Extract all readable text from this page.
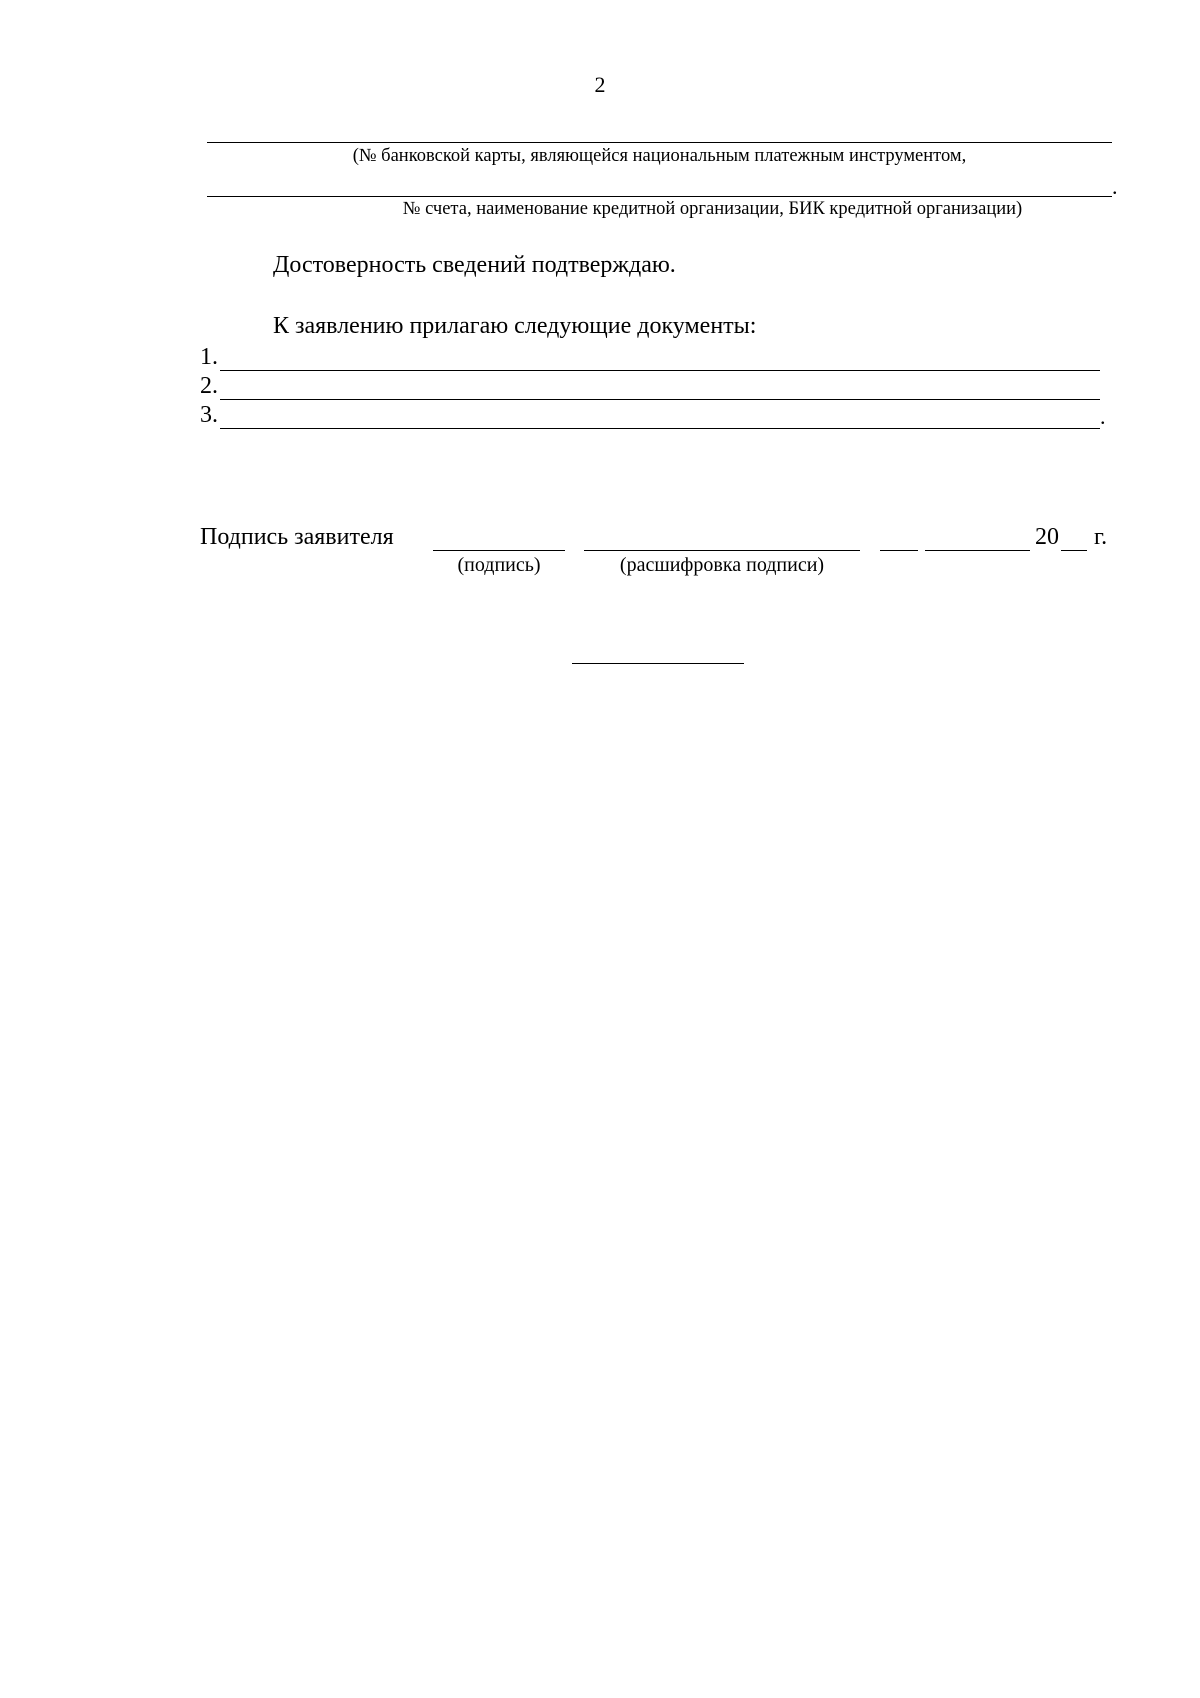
2
(№ банковской карты, являющейся национальным платежным инструментом,
.
№ счета, наименование кредитной организации, БИК кредитной организации)
Достоверность сведений подтверждаю.
К заявлению прилагаю следующие документы:
1.
2.
3.	.
Подпись заявителя
(подпись)	(расшифровка подписи)
20 г.
